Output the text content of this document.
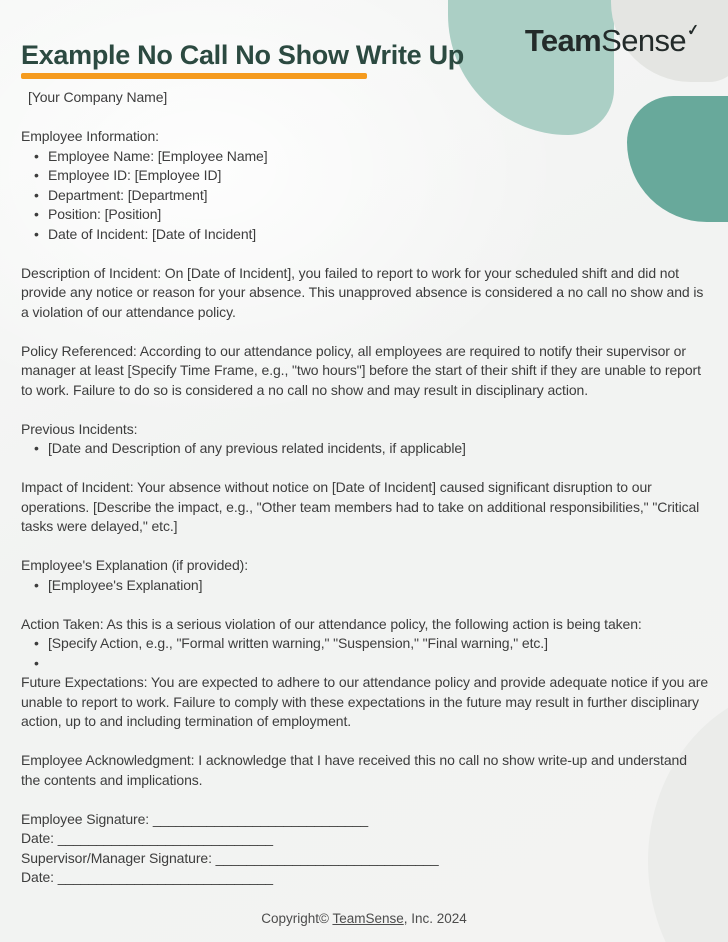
Example No Call No Show Write Up TeamSense✓

[Your Company Name]

Employee Information:

• Employee Name: [Employee Name]
• Employee ID: [Employee ID]
• Department: [Department]
• Position: [Position]
• Date of Incident: [Date of Incident]

Description of Incident: On [Date of Incident], you failed to report to work for your scheduled shift and did not provide any notice or reason for your absence. This unapproved absence is considered a no call no show and is a violation of our attendance policy.

Policy Referenced: According to our attendance policy, all employees are required to notify their supervisor or manager at least [Specify Time Frame, e.g., "two hours"] before the start of their shift if they are unable to report to work. Failure to do so is considered a no call no show and may result in disciplinary action.

Previous Incidents:

• [Date and Description of any previous related incidents, if applicable]

Impact of Incident: Your absence without notice on [Date of Incident] caused significant disruption to our operations. [Describe the impact, e.g., "Other team members had to take on additional responsibilities," "Critical tasks were delayed," etc.]

Employee's Explanation (if provided):

• [Employee's Explanation]

Action Taken: As this is a serious violation of our attendance policy, the following action is being taken:

• [Specify Action, e.g., "Formal written warning," "Suspension," "Final warning," etc.]
•

Future Expectations: You are expected to adhere to our attendance policy and provide adequate notice if you are unable to report to work. Failure to comply with these expectations in the future may result in further disciplinary action, up to and including termination of employment.

Employee Acknowledgment: I acknowledge that I have received this no call no show write-up and understand the contents and implications.

Employee Signature: ____________________________
Date: ____________________________
Supervisor/Manager Signature: _____________________________
Date: ____________________________
Copyright© TeamSense, Inc. 2024
